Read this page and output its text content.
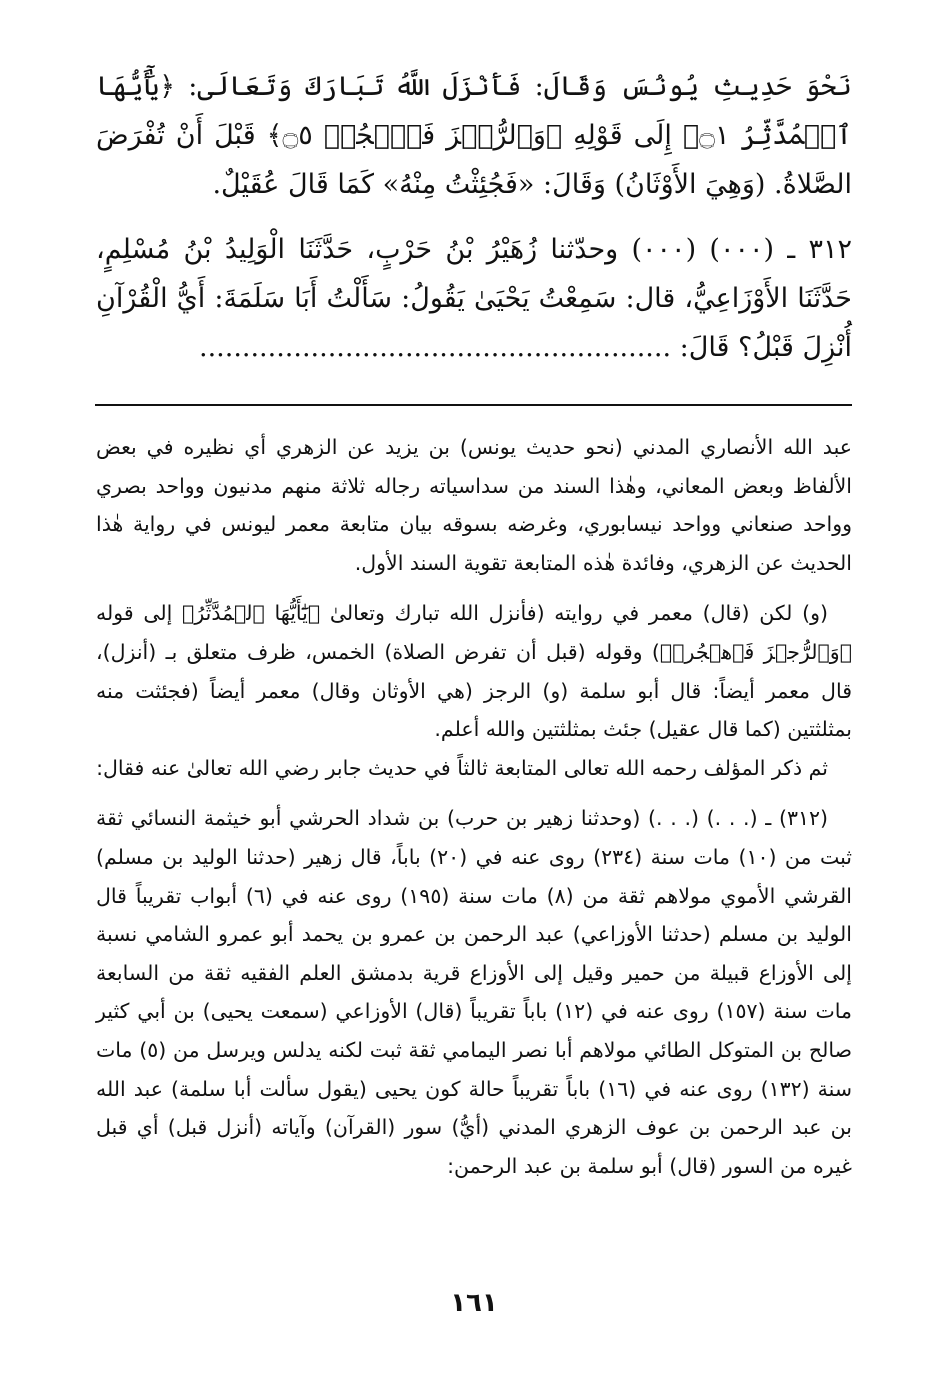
نَحْوَ حَدِيثِ يُونُسَ وَقَالَ: فَأَنْزَلَ اللَّهُ تَبَارَكَ وَتَعَالَى: ﴿يَٰٓأَيُّهَا ٱلۡمُدَّثِّرُ ۝١﴾ إِلَى قَوْلِهِ ﴿وَٱلرُّجۡزَ فَٱهۡجُرۡ ۝٥﴾ قَبْلَ أَنْ تُفْرَضَ الصَّلاةُ. (وَهِيَ الأَوْثَانُ) وَقَالَ: «فَجُئِثْتُ مِنْهُ» كَمَا قَالَ عُقَيْلٌ.

٣١٢ ـ (٠٠٠) (٠٠٠) وحدّثنا زُهَيْرُ بْنُ حَرْبٍ، حَدَّثَنَا الْوَلِيدُ بْنُ مُسْلِمٍ، حَدَّثَنَا الأَوْزَاعِيُّ، قال: سَمِعْتُ يَحْيَىٰ يَقُولُ: سَأَلْتُ أَبَا سَلَمَةَ: أَيُّ الْقُرْآنِ أُنْزِلَ قَبْلُ؟ قَالَ: .......................................................

عبد الله الأنصاري المدني (نحو حديث يونس) بن يزيد عن الزهري أي نظيره في بعض الألفاظ وبعض المعاني، وهٰذا السند من سداسياته رجاله ثلاثة منهم مدنيون وواحد بصري وواحد صنعاني وواحد نيسابوري، وغرضه بسوقه بيان متابعة معمر ليونس في رواية هٰذا الحديث عن الزهري، وفائدة هٰذه المتابعة تقوية السند الأول.

(و) لكن (قال) معمر في روايته (فأنزل الله تبارك وتعالىٰ ﴿يَٰٓأَيُّهَا ٱلۡمُدَّثِّرُ﴾ إلى قوله ﴿وَٱلرُّجۡزَ فَٱهۡجُرۡ﴾) وقوله (قبل أن تفرض الصلاة) الخمس، ظرف متعلق بـ (أنزل)، قال معمر أيضاً: قال أبو سلمة (و) الرجز (هي الأوثان وقال) معمر أيضاً (فجئثت منه بمثلثتين (كما قال عقيل) جئث بمثلثتين والله أعلم.

ثم ذكر المؤلف رحمه الله تعالى المتابعة ثالثاً في حديث جابر رضي الله تعالىٰ عنه فقال:

(٣١٢) ـ (. . .) (. . .) (وحدثنا زهير بن حرب) بن شداد الحرشي أبو خيثمة النسائي ثقة ثبت من (١٠) مات سنة (٢٣٤) روى عنه في (٢٠) باباً، قال زهير (حدثنا الوليد بن مسلم) القرشي الأموي مولاهم ثقة من (٨) مات سنة (١٩٥) روى عنه في (٦) أبواب تقريباً قال الوليد بن مسلم (حدثنا الأوزاعي) عبد الرحمن بن عمرو بن يحمد أبو عمرو الشامي نسبة إلى الأوزاع قبيلة من حمير وقيل إلى الأوزاع قرية بدمشق العلم الفقيه ثقة من السابعة مات سنة (١٥٧) روى عنه في (١٢) باباً تقريباً (قال) الأوزاعي (سمعت يحيى) بن أبي كثير صالح بن المتوكل الطائي مولاهم أبا نصر اليمامي ثقة ثبت لكنه يدلس ويرسل من (٥) مات سنة (١٣٢) روى عنه في (١٦) باباً تقريباً حالة كون يحيى (يقول سألت أبا سلمة) عبد الله بن عبد الرحمن بن عوف الزهري المدني (أيُّ) سور (القرآن) وآياته (أنزل قبل) أي قبل غيره من السور (قال) أبو سلمة بن عبد الرحمن:

١٦١
